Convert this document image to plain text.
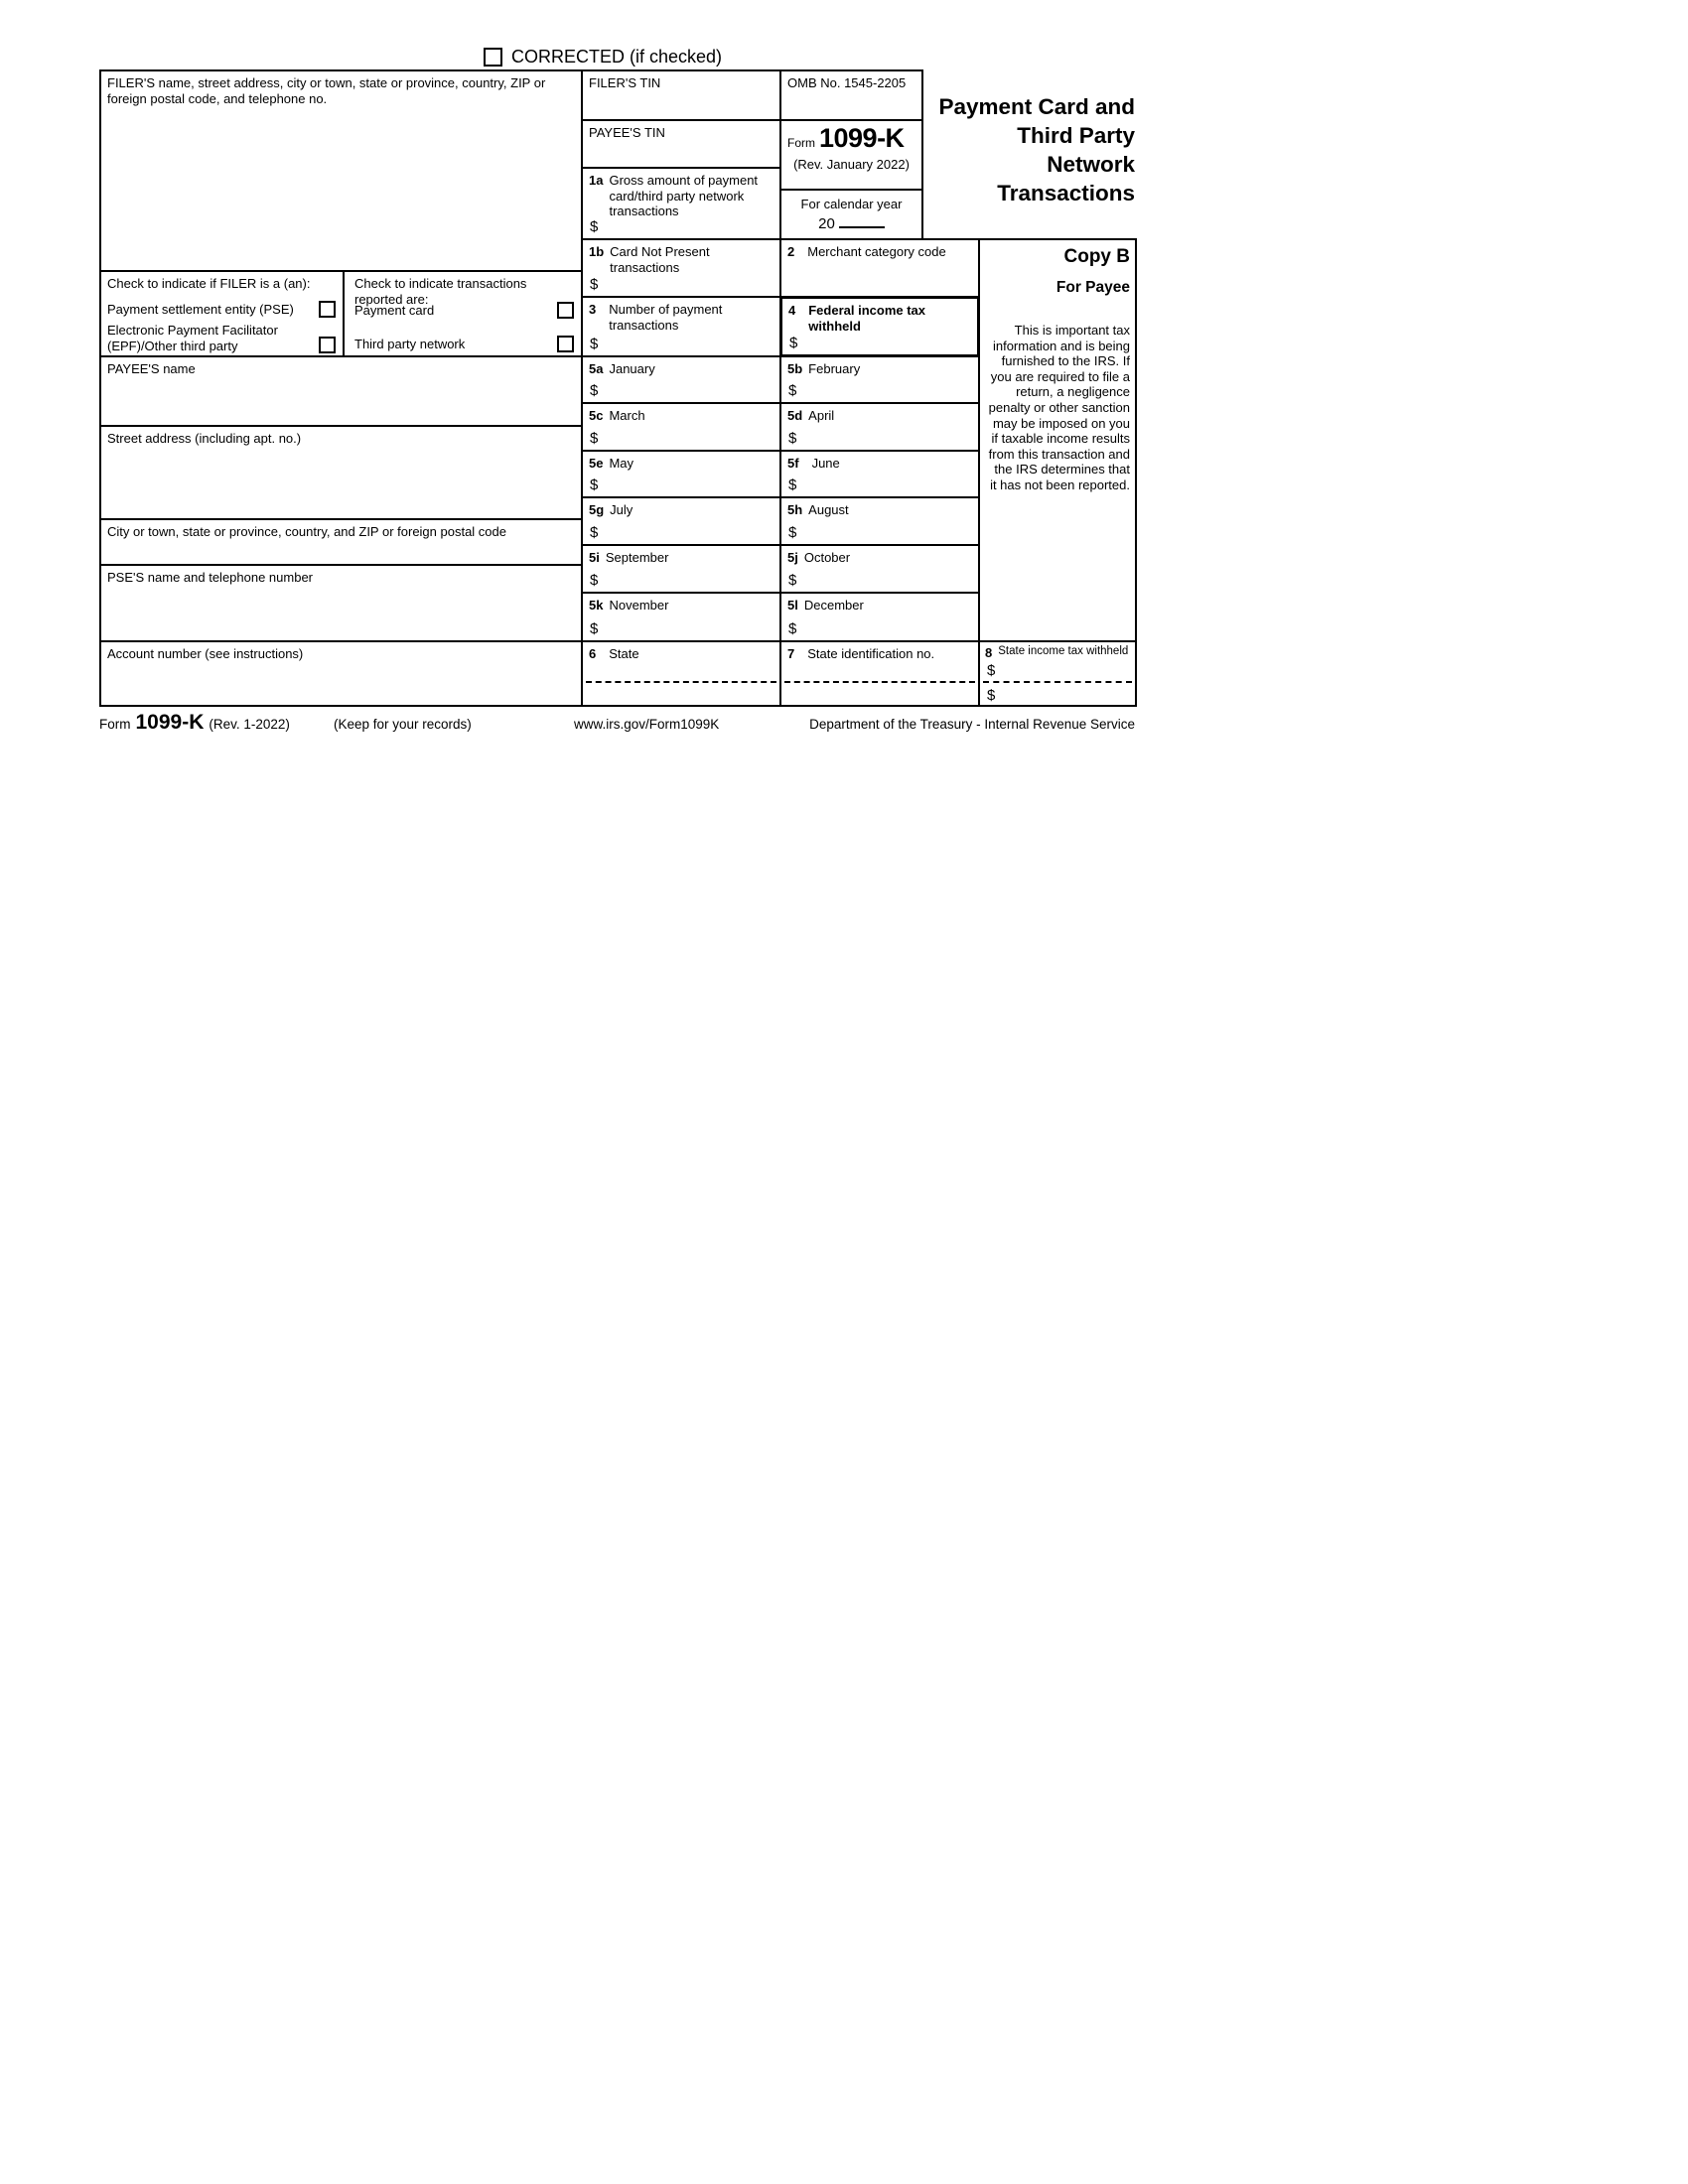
CORRECTED (if checked)
FILER'S name, street address, city or town, state or province, country, ZIP or foreign postal code, and telephone no.
FILER'S TIN	OMB No. 1545-2205
Payment Card and
Third Party
Network
Transactions
PAYEE'S TIN
Form 1099-K
(Rev. January 2022)
For calendar year
20
1a Gross amount of payment card/third party network transactions
$
1b Card Not Present transactions
$
2 Merchant category code
3 Number of payment transactions
$
4 Federal income tax withheld
$
Copy B
For Payee
This is important tax information and is being furnished to the IRS. If you are required to file a return, a negligence penalty or other sanction may be imposed on you if taxable income results from this transaction and the IRS determines that it has not been reported.
Check to indicate if FILER is a (an):
Payment settlement entity (PSE)
Electronic Payment Facilitator (EPF)/Other third party
Check to indicate transactions reported are:
Payment card
Third party network
PAYEE'S name
Street address (including apt. no.)
City or town, state or province, country, and ZIP or foreign postal code
PSE'S name and telephone number
Account number (see instructions)
5a January
$
5b February
$
5c March
$
5d April
$
5e May
$
5f June
$
5g July
$
5h August
$
5i September
$
5j October
$
5k November
$
5l December
$
6 State	7 State identification no.	8 State income tax withheld
$
$
Form 1099-K (Rev. 1-2022)	(Keep for your records)	www.irs.gov/Form1099K	Department of the Treasury - Internal Revenue Service
